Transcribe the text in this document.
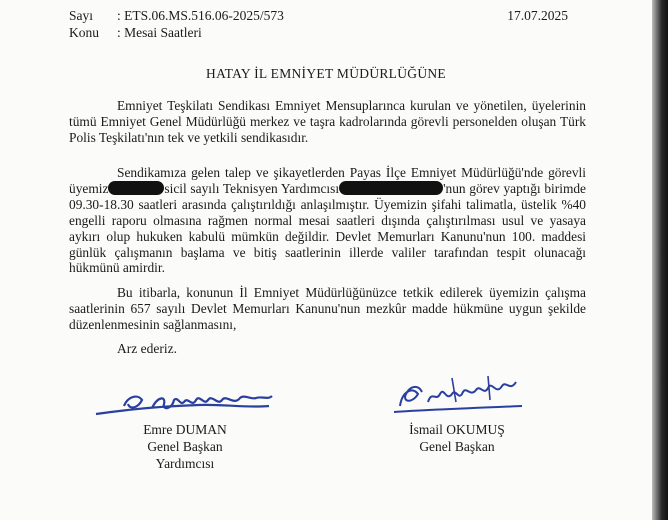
Sayı : ETS.06.MS.516.06-2025/573
Konu : Mesai Saatleri
17.07.2025
HATAY İL EMNİYET MÜDÜRLÜĞÜNE

Emniyet Teşkilatı Sendikası Emniyet Mensuplarınca kurulan ve yönetilen, üyelerinin tümü Emniyet Genel Müdürlüğü merkez ve taşra kadrolarında görevli personelden oluşan Türk Polis Teşkilatı'nın tek ve yetkili sendikasıdır.

Sendikamıza gelen talep ve şikayetlerden Payas İlçe Emniyet Müdürlüğü'nde görevli üyemiz	sicil sayılı Teknisyen Yardımcısı	'nun görev yaptığı birimde 09.30-18.30 saatleri arasında çalıştırıldığı anlaşılmıştır. Üyemizin şifahi talimatla, üstelik %40 engelli raporu olmasına rağmen normal mesai saatleri dışında çalıştırılması usul ve yasaya aykırı olup hukuken kabulü mümkün değildir. Devlet Memurları Kanunu'nun 100. maddesi günlük çalışmanın başlama ve bitiş saatlerinin illerde valiler tarafından tespit olunacağı hükmünü amirdir.

Bu itibarla, konunun İl Emniyet Müdürlüğünüzce tetkik edilerek üyemizin çalışma saatlerinin 657 sayılı Devlet Memurları Kanunu'nun mezkûr madde hükmüne uygun şekilde düzenlenmesinin sağlanmasını,

Arz ederiz.
Emre DUMAN
Genel Başkan Yardımcısı
İsmail OKUMUŞ
Genel Başkan
